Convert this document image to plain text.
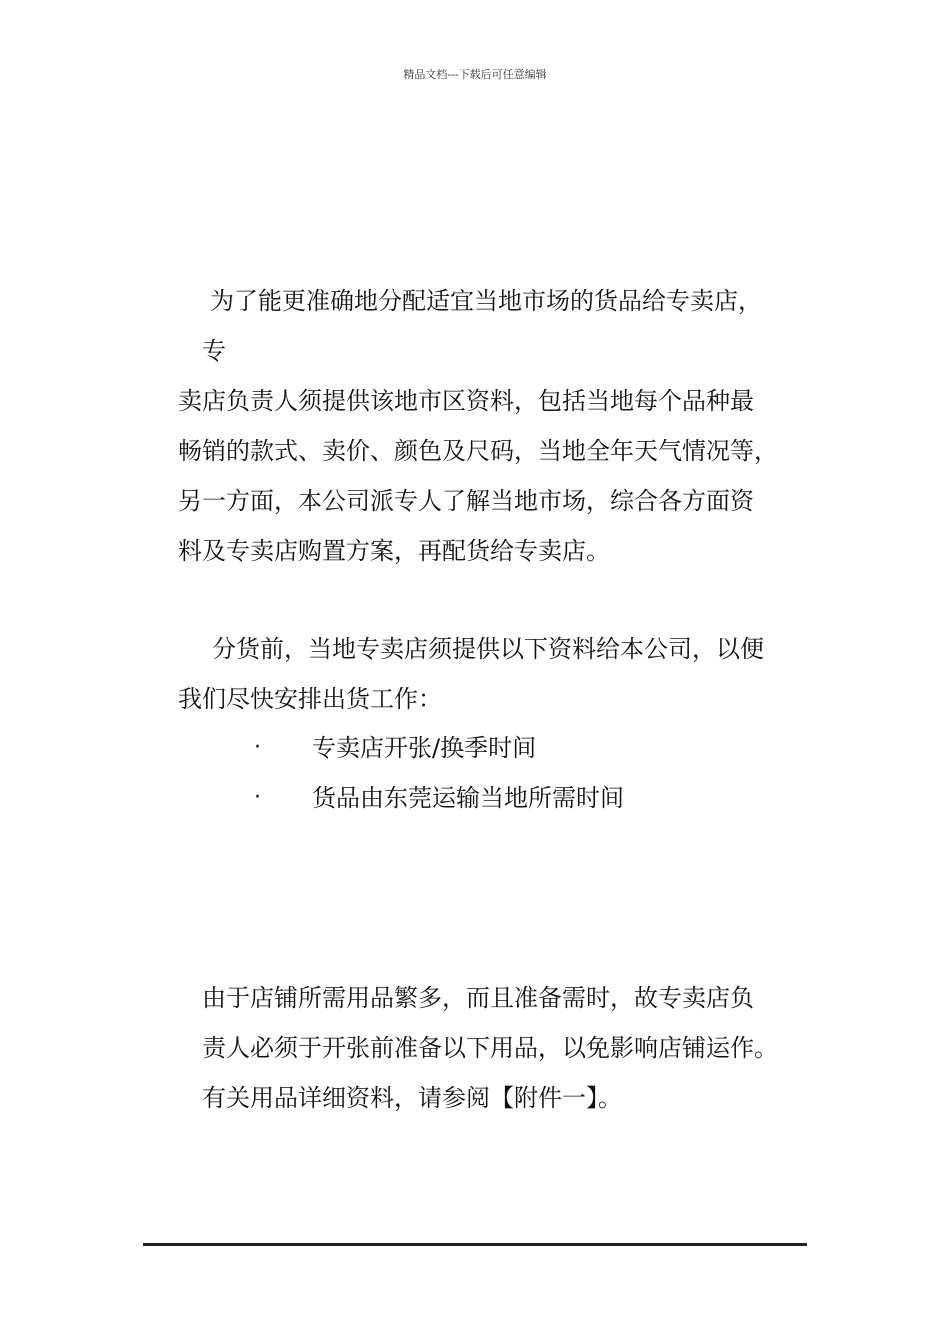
精品文档---下载后可任意编辑
为了能更准确地分配适宜当地市场的货品给专卖店，
专
卖店负责人须提供该地市区资料，包括当地每个品种最
畅销的款式、卖价、颜色及尺码，当地全年天气情况等，
另一方面，本公司派专人了解当地市场，综合各方面资
料及专卖店购置方案，再配货给专卖店。
分货前，当地专卖店须提供以下资料给本公司，以便
我们尽快安排出货工作：
· 专卖店开张/换季时间
· 货品由东莞运输当地所需时间
由于店铺所需用品繁多，而且准备需时，故专卖店负
责人必须于开张前准备以下用品，以免影响店铺运作。
有关用品详细资料，请参阅【附件一】。
